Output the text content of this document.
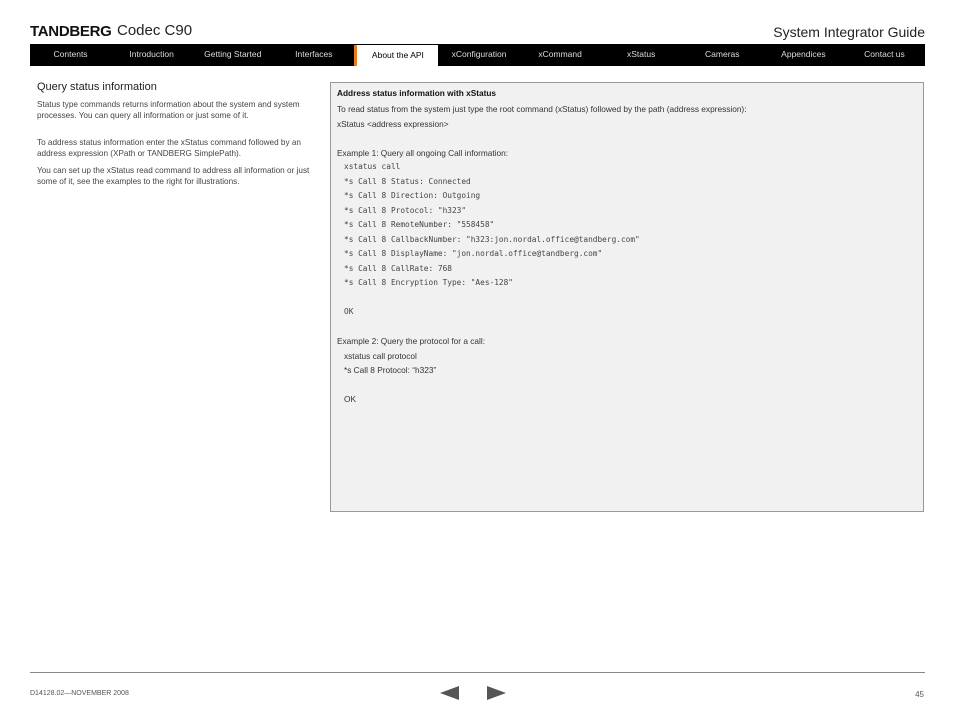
TANDBERG Codec C90	System Integrator Guide
Contents	Introduction	Getting Started	Interfaces	About the API	xConfiguration	xCommand	xStatus	Cameras	Appendices	Contact us
Query status information

Status type commands returns information about the system and system processes. You can query all information or just some of it.

To address status information enter the xStatus command followed by an address expression (XPath or TANDBERG SimplePath).

You can set up the xStatus read command to address all information or just some of it, see the examples to the right for illustrations.

Address status information with xStatus
To read status from the system just type the root command (xStatus) followed by the path (address expression):
xStatus <address expression>
Example 1: Query all ongoing Call information:
xstatus call
*s Call 8 Status: Connected
*s Call 8 Direction: Outgoing
*s Call 8 Protocol: "h323"
*s Call 8 RemoteNumber: "558458"
*s Call 8 CallbackNumber: "h323:jon.nordal.office@tandberg.com"
*s Call 8 DisplayName: "jon.nordal.office@tandberg.com"
*s Call 8 CallRate: 768
*s Call 8 Encryption Type: "Aes-128"
OK
Example 2: Query the protocol for a call:
xstatus call protocol
*s Call 8 Protocol: “h323”
OK
D14128.02—NOVEMBER 2008	45
